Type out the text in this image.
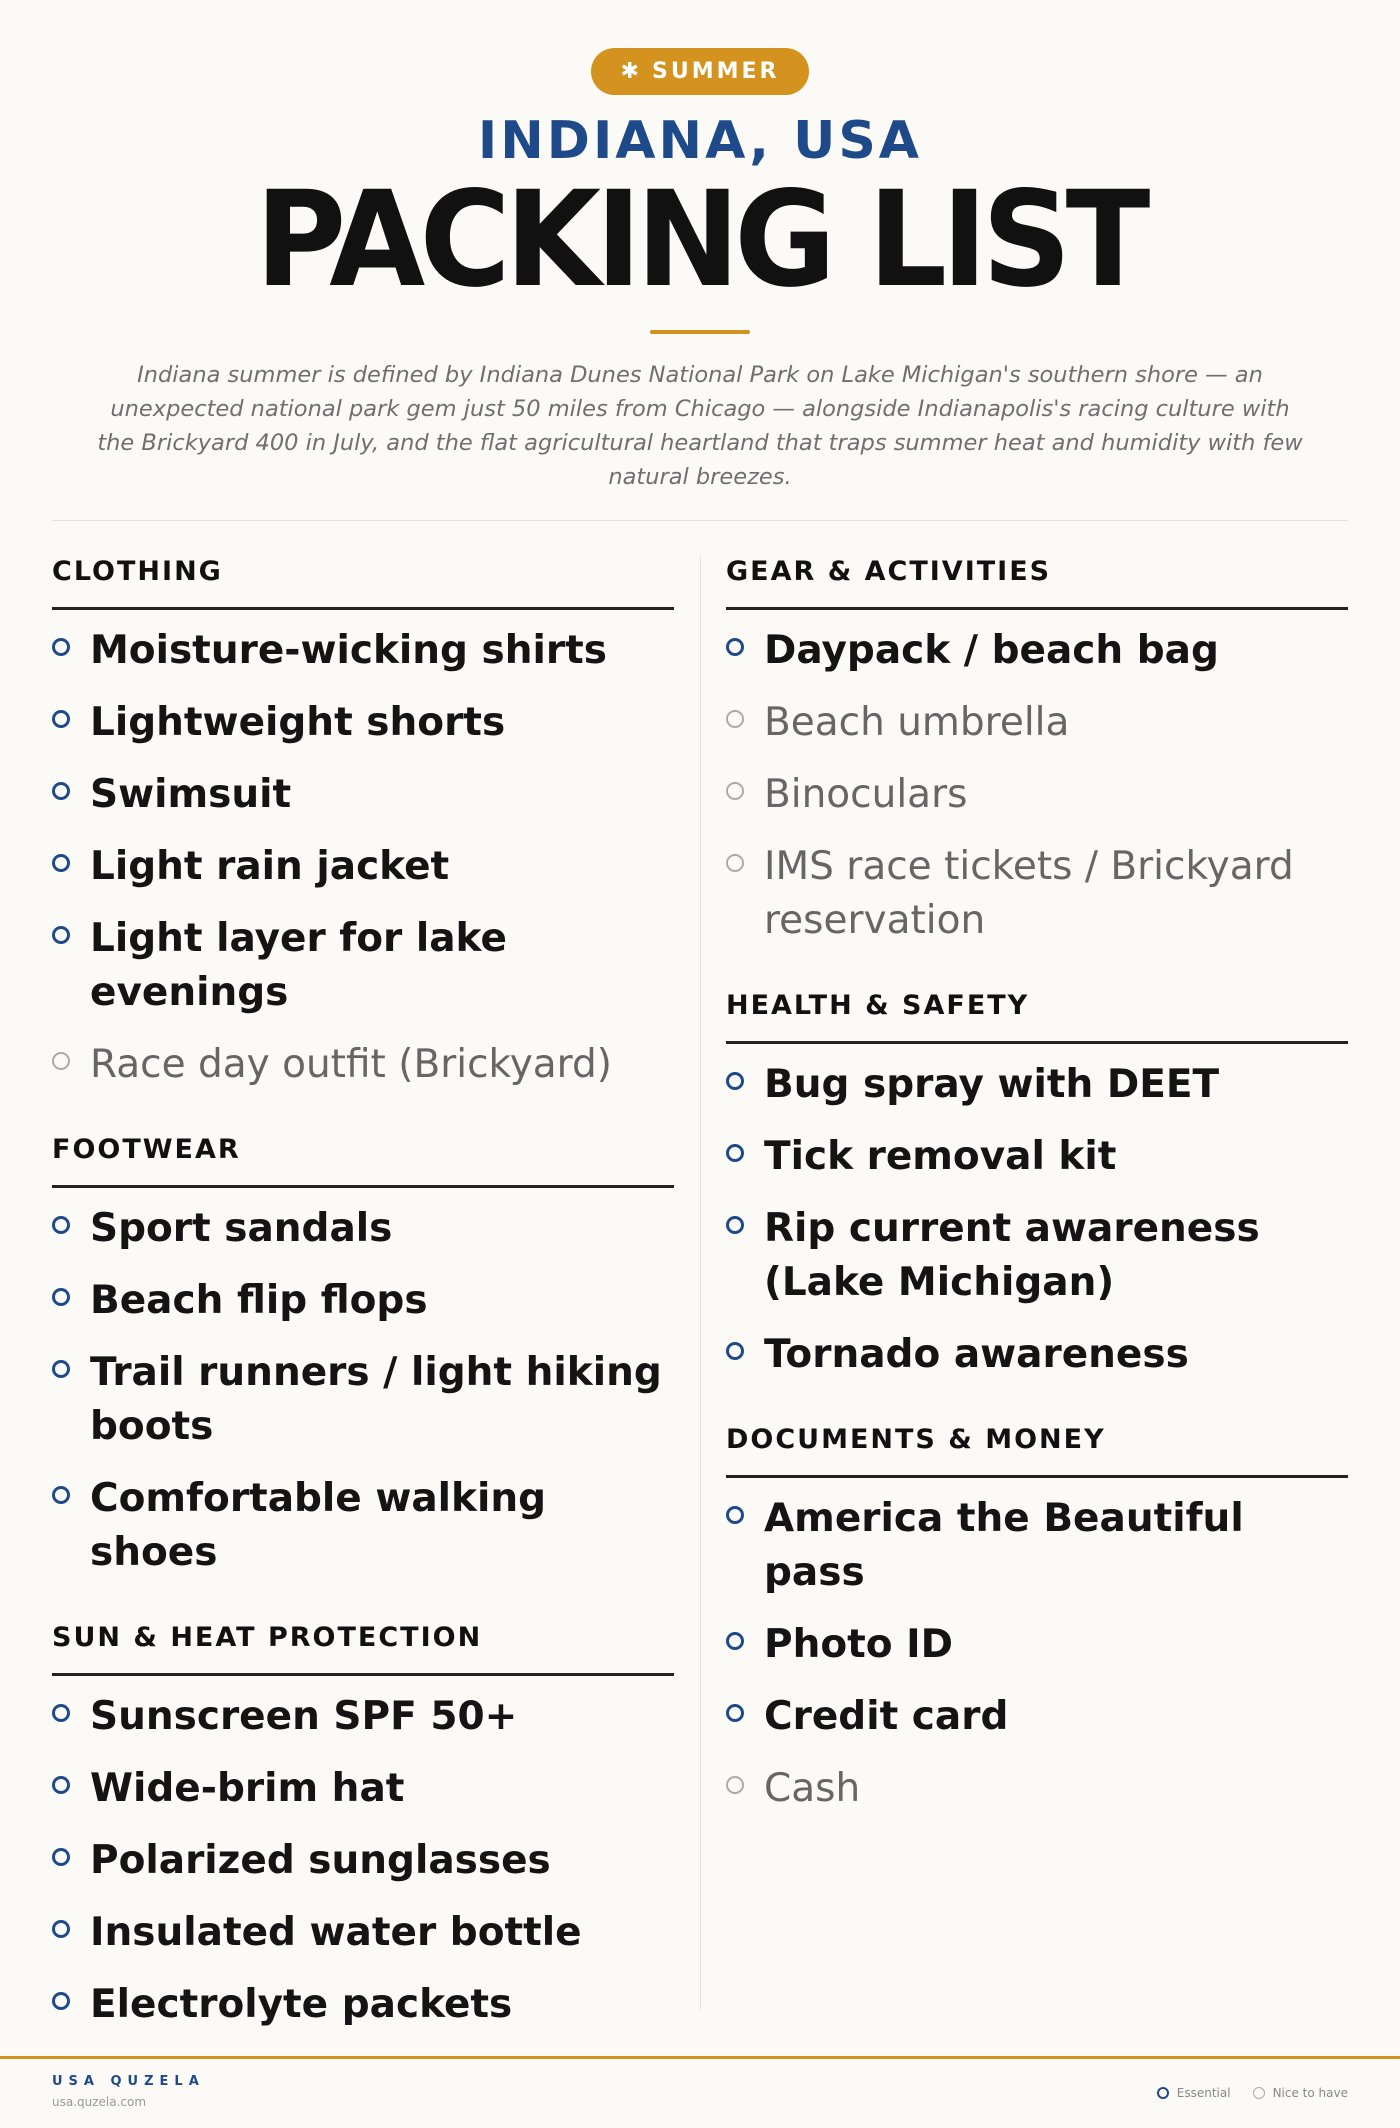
✱ SUMMER
INDIANA, USA
PACKING LIST

Indiana summer is defined by Indiana Dunes National Park on Lake Michigan's southern shore — an unexpected national park gem just 50 miles from Chicago — alongside Indianapolis's racing culture with the Brickyard 400 in July, and the flat agricultural heartland that traps summer heat and humidity with few natural breezes.

CLOTHING
Moisture-wicking shirts
Lightweight shorts
Swimsuit
Light rain jacket
Light layer for lake evenings
Race day outfit (Brickyard)
FOOTWEAR
Sport sandals
Beach flip flops
Trail runners / light hiking boots
Comfortable walking shoes
SUN & HEAT PROTECTION
Sunscreen SPF 50+
Wide-brim hat
Polarized sunglasses
Insulated water bottle
Electrolyte packets
GEAR & ACTIVITIES
Daypack / beach bag
Beach umbrella
Binoculars
IMS race tickets / Brickyard reservation
HEALTH & SAFETY
Bug spray with DEET
Tick removal kit
Rip current awareness (Lake Michigan)
Tornado awareness
DOCUMENTS & MONEY
America the Beautiful pass
Photo ID
Credit card
Cash
USA QUZELA
usa.quzela.com
Essential	Nice to have
